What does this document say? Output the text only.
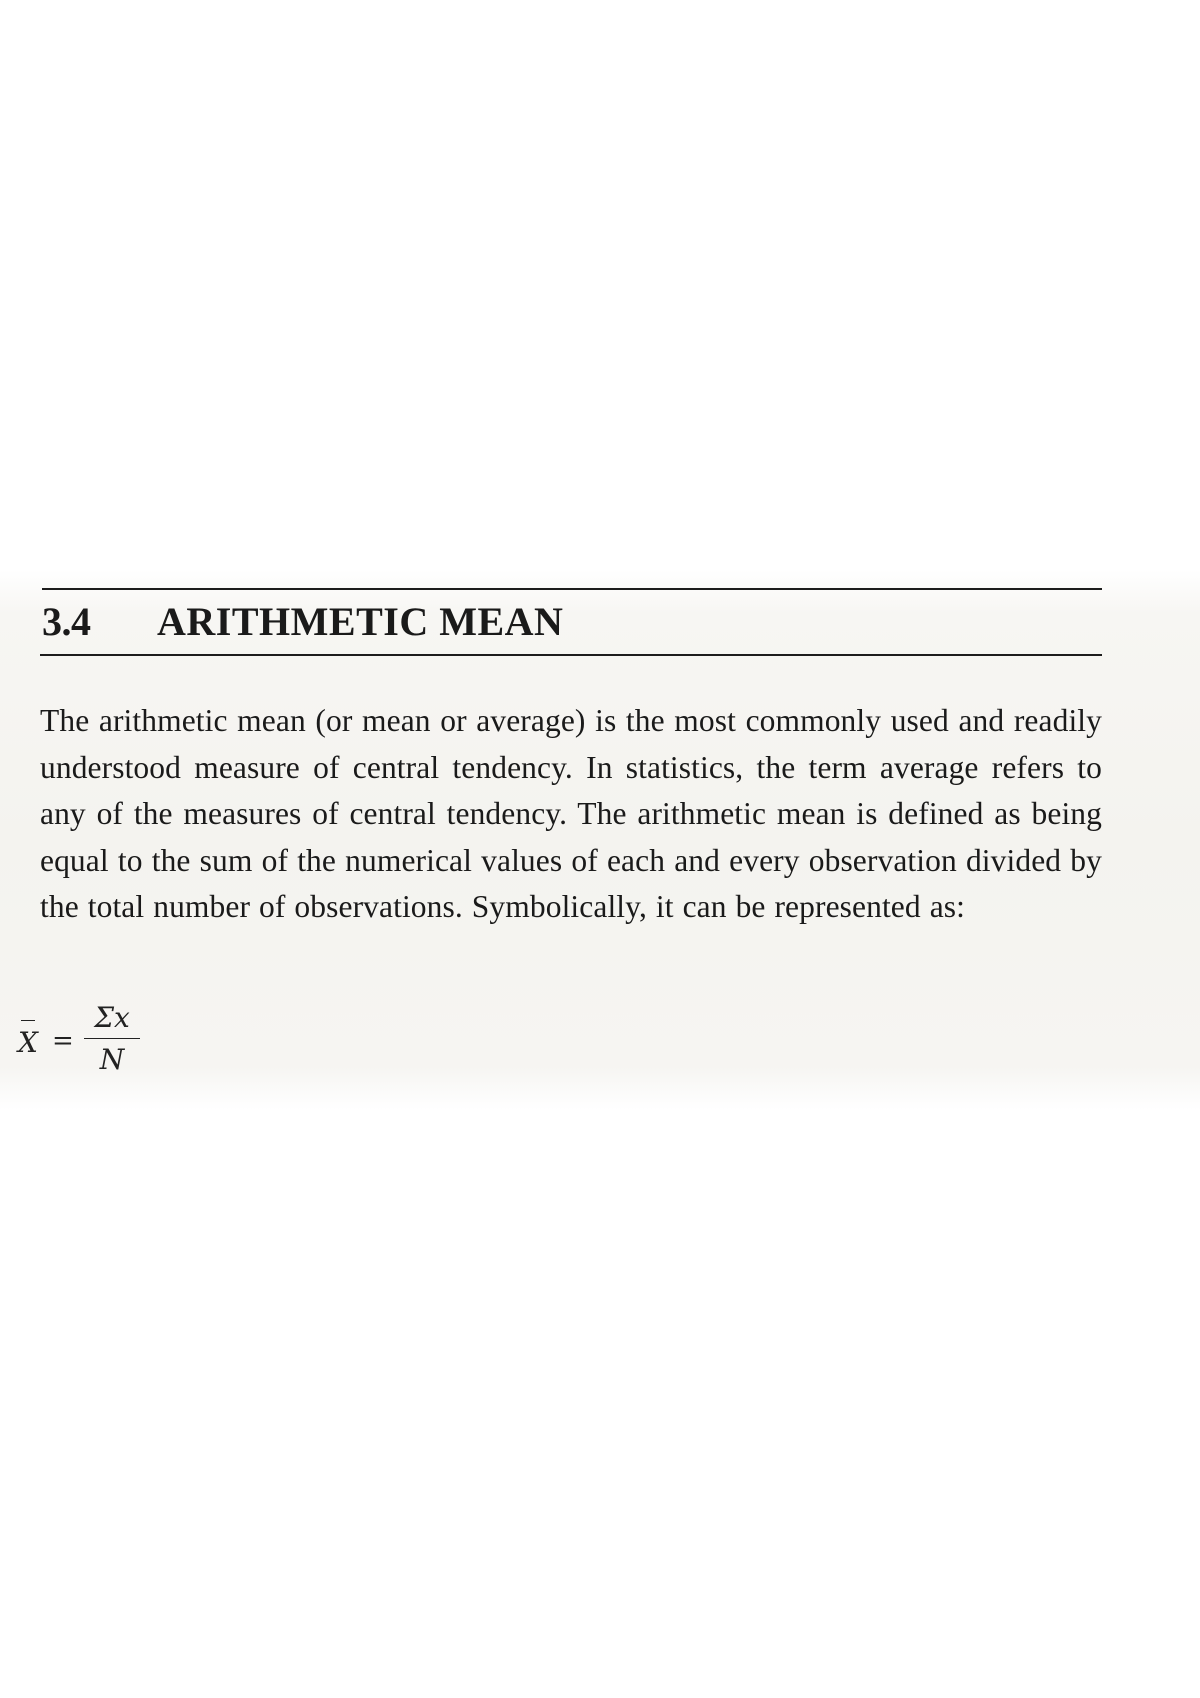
3.4	ARITHMETIC MEAN

The arithmetic mean (or mean or average) is the most commonly used and readily understood measure of central tendency. In statistics, the term average refers to any of the measures of central tendency. The arithmetic mean is defined as being equal to the sum of the numerical values of each and every observation divided by the total number of observations. Symbolically, it can be represented as:

X =
Σx
N
